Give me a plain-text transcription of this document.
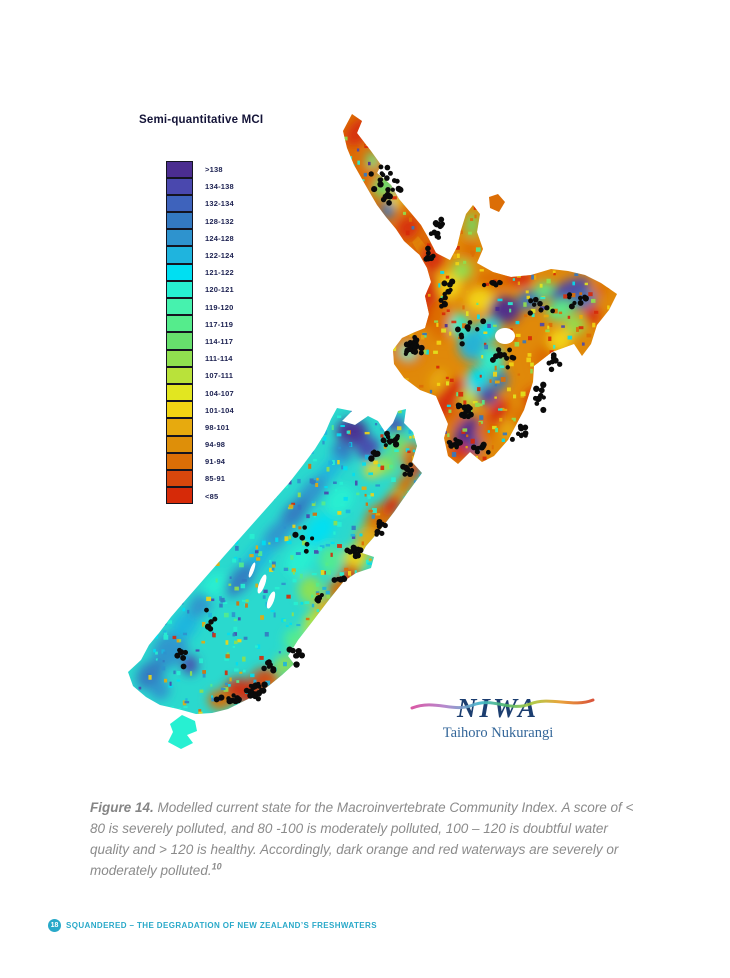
Semi-quantitative MCI
>138
134-138
132-134
128-132
124-128
122-124
121-122
120-121
119-120
117-119
114-117
111-114
107-111
104-107
101-104
98-101
94-98
91-94
85-91
<85
NIWA
Taihoro Nukurangi
Figure 14. Modelled current state for the Macroinvertebrate Community Index. A score of < 80 is severely polluted, and 80 -100 is moderately polluted, 100 – 120 is doubtful water quality and > 120 is healthy. Accordingly, dark orange and red waterways are severely or moderately polluted.$^{10}$
18 SQUANDERED – THE DEGRADATION OF NEW ZEALAND’S FRESHWATERS
